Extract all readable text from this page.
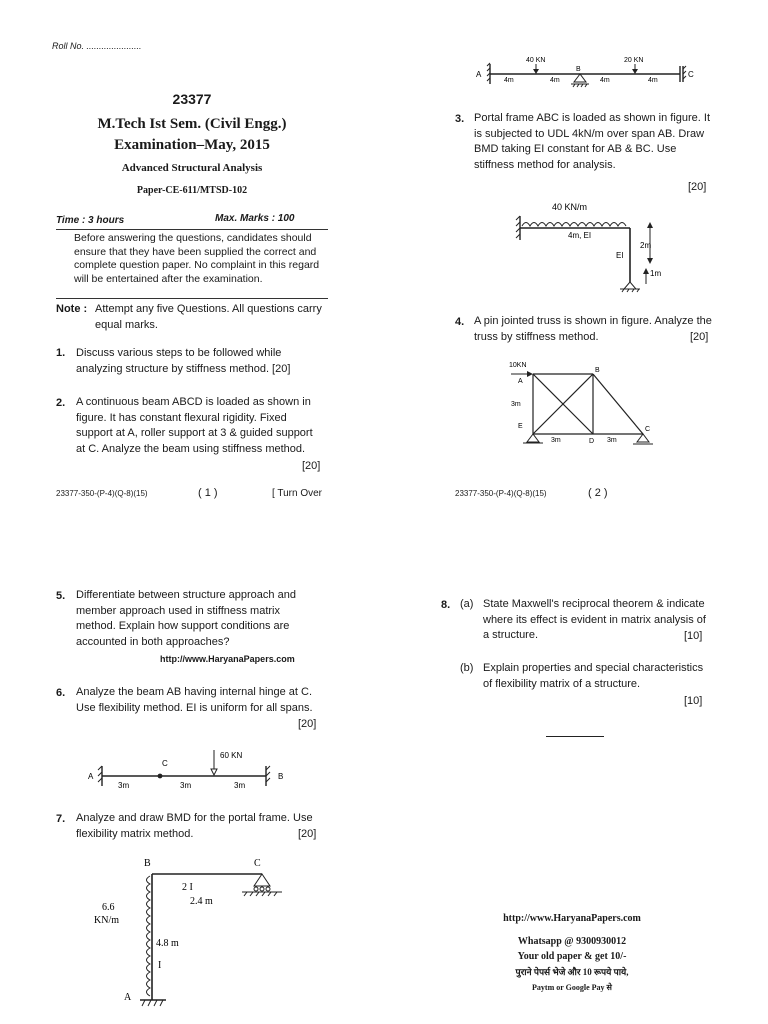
Roll No. ......................
23377
M.Tech Ist Sem. (Civil Engg.)
Examination–May, 2015
Advanced Structural Analysis
Paper-CE-611/MTSD-102
Time : 3 hours	Max. Marks : 100
Before answering the questions, candidates should ensure that they have been supplied the correct and complete question paper. No complaint in this regard will be entertained after the examination.
Note : Attempt any five Questions. All questions carry equal marks.
1. Discuss various steps to be followed while analyzing structure by stiffness method. [20]
2. A continuous beam ABCD is loaded as shown in figure. It has constant flexural rigidity. Fixed support at A, roller support at 3 & guided support at C. Analyze the beam using stiffness method.
[20]
23377-350-(P-4)(Q-8)(15)	( 1 )	[ Turn Over
A
B
C
40 KN	20 KN
4m	4m	4m	4m
3. Portal frame ABC is loaded as shown in figure. It is subjected to UDL 4kN/m over span AB. Draw BMD taking EI constant for AB & BC. Use stiffness method for analysis.
[20]
40 KN/m
4m, EI
EI
2m
1m
4. A pin jointed truss is shown in figure. Analyze the truss by stiffness method.	[20]
10KN
A
B
C
D
E
3m
3m	3m
23377-350-(P-4)(Q-8)(15)	( 2 )
5. Differentiate between structure approach and member approach used in stiffness matrix method. Explain how support conditions are accounted in both approaches?
http://www.HaryanaPapers.com
6. Analyze the beam AB having internal hinge at C. Use flexibility method. EI is uniform for all spans.
[20]
A	B
C
60 KN
3m	3m	3m
7. Analyze and draw BMD for the portal frame. Use flexibility matrix method.	[20]
B	C
A
6.6
KN/m
2 I
2.4 m
4.8 m
I
8. (a) State Maxwell's reciprocal theorem & indicate where its effect is evident in matrix analysis of a structure.	[10]
(b) Explain properties and special characteristics of flexibility matrix of a structure.
[10]
http://www.HaryanaPapers.com
Whatsapp @ 9300930012
Your old paper & get 10/-
पुराने पेपर्स भेजे और 10 रूपये पाये,
Paytm or Google Pay से
